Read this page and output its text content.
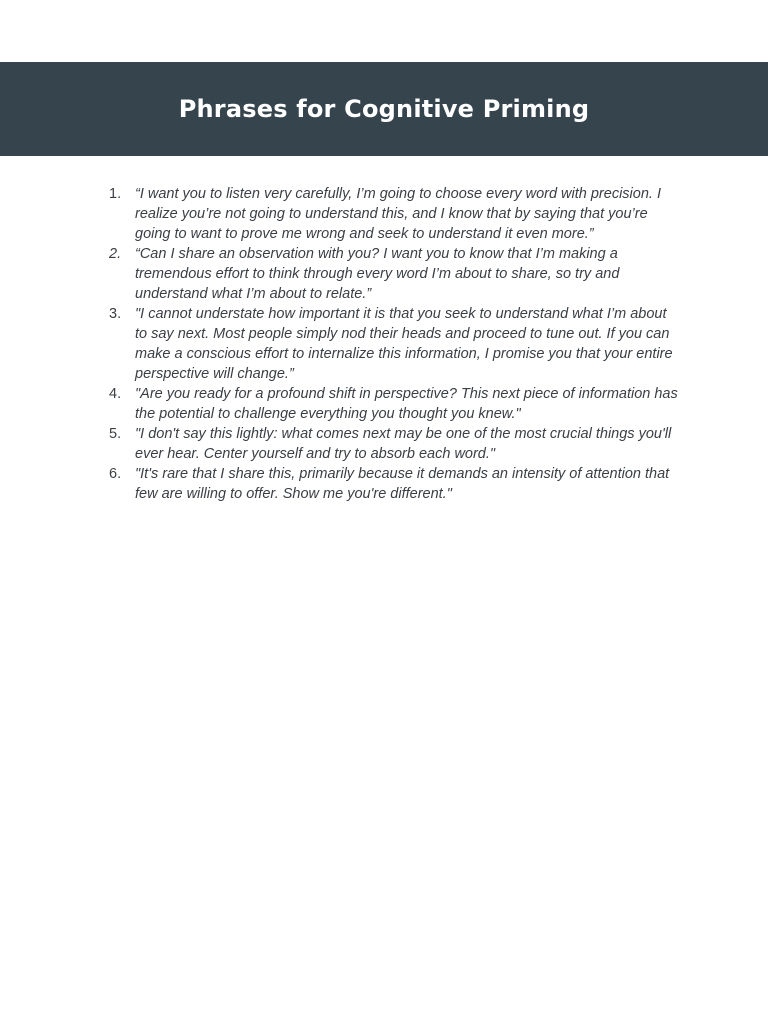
Phrases for Cognitive Priming
1. “I want you to listen very carefully, I’m going to choose every word with precision. I realize you’re not going to understand this, and I know that by saying that you’re going to want to prove me wrong and seek to understand it even more.”
2. “Can I share an observation with you? I want you to know that I’m making a tremendous effort to think through every word I’m about to share, so try and understand what I’m about to relate.”
3. "I cannot understate how important it is that you seek to understand what I’m about to say next. Most people simply nod their heads and proceed to tune out. If you can make a conscious effort to internalize this information, I promise you that your entire perspective will change.”
4. "Are you ready for a profound shift in perspective? This next piece of information has the potential to challenge everything you thought you knew."
5. "I don't say this lightly: what comes next may be one of the most crucial things you'll ever hear. Center yourself and try to absorb each word."
6. "It's rare that I share this, primarily because it demands an intensity of attention that few are willing to offer. Show me you're different."
